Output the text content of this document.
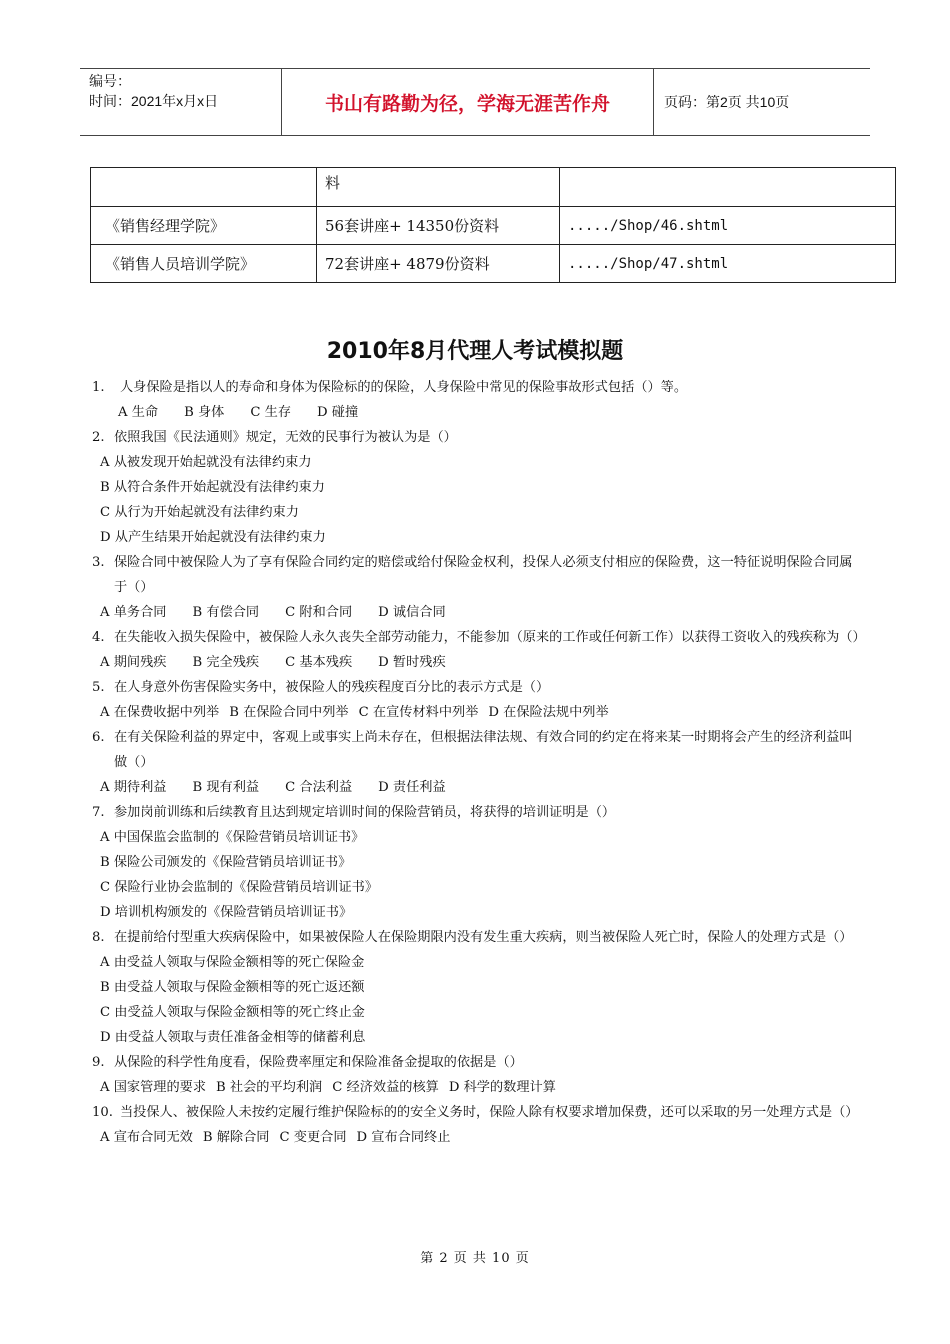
编号：
时间：2021年x月x日	书山有路勤为径，学海无涯苦作舟	页码：第2页 共10页
	料	
《销售经理学院》	56套讲座+ 14350份资料	...../Shop/46.shtml
《销售人员培训学院》	72套讲座+ 4879份资料	...../Shop/47.shtml
2010年8月代理人考试模拟题
1.	人身保险是指以人的寿命和身体为保险标的的保险，人身保险中常见的保险事故形式包括（）等。
A 生命 B 身体 C 生存 D 碰撞
2. 依照我国《民法通则》规定，无效的民事行为被认为是（）
A 从被发现开始起就没有法律约束力
B 从符合条件开始起就没有法律约束力
C 从行为开始起就没有法律约束力
D 从产生结果开始起就没有法律约束力
3. 保险合同中被保险人为了享有保险合同约定的赔偿或给付保险金权利，投保人必须支付相应的保险费，这一特征说明保险合同属于（）
A 单务合同 B 有偿合同 C 附和合同 D 诚信合同
4. 在失能收入损失保险中，被保险人永久丧失全部劳动能力，不能参加（原来的工作或任何新工作）以获得工资收入的残疾称为（）
A 期间残疾 B 完全残疾 C 基本残疾 D 暂时残疾
5. 在人身意外伤害保险实务中，被保险人的残疾程度百分比的表示方式是（）
A 在保费收据中列举 B 在保险合同中列举 C 在宣传材料中列举 D 在保险法规中列举
6. 在有关保险利益的界定中，客观上或事实上尚未存在，但根据法律法规、有效合同的约定在将来某一时期将会产生的经济利益叫做（）
A 期待利益 B 现有利益 C 合法利益 D 责任利益
7. 参加岗前训练和后续教育且达到规定培训时间的保险营销员，将获得的培训证明是（）
A 中国保监会监制的《保险营销员培训证书》
B 保险公司颁发的《保险营销员培训证书》
C 保险行业协会监制的《保险营销员培训证书》
D 培训机构颁发的《保险营销员培训证书》
8. 在提前给付型重大疾病保险中，如果被保险人在保险期限内没有发生重大疾病，则当被保险人死亡时，保险人的处理方式是（）
A 由受益人领取与保险金额相等的死亡保险金
B 由受益人领取与保险金额相等的死亡返还额
C 由受益人领取与保险金额相等的死亡终止金
D 由受益人领取与责任准备金相等的储蓄利息
9. 从保险的科学性角度看，保险费率厘定和保险准备金提取的依据是（）
A 国家管理的要求 B 社会的平均利润 C 经济效益的核算 D 科学的数理计算
10. 当投保人、被保险人未按约定履行维护保险标的的安全义务时，保险人除有权要求增加保费，还可以采取的另一处理方式是（）
A 宣布合同无效 B 解除合同 C 变更合同 D 宣布合同终止
第 2 页 共 10 页
